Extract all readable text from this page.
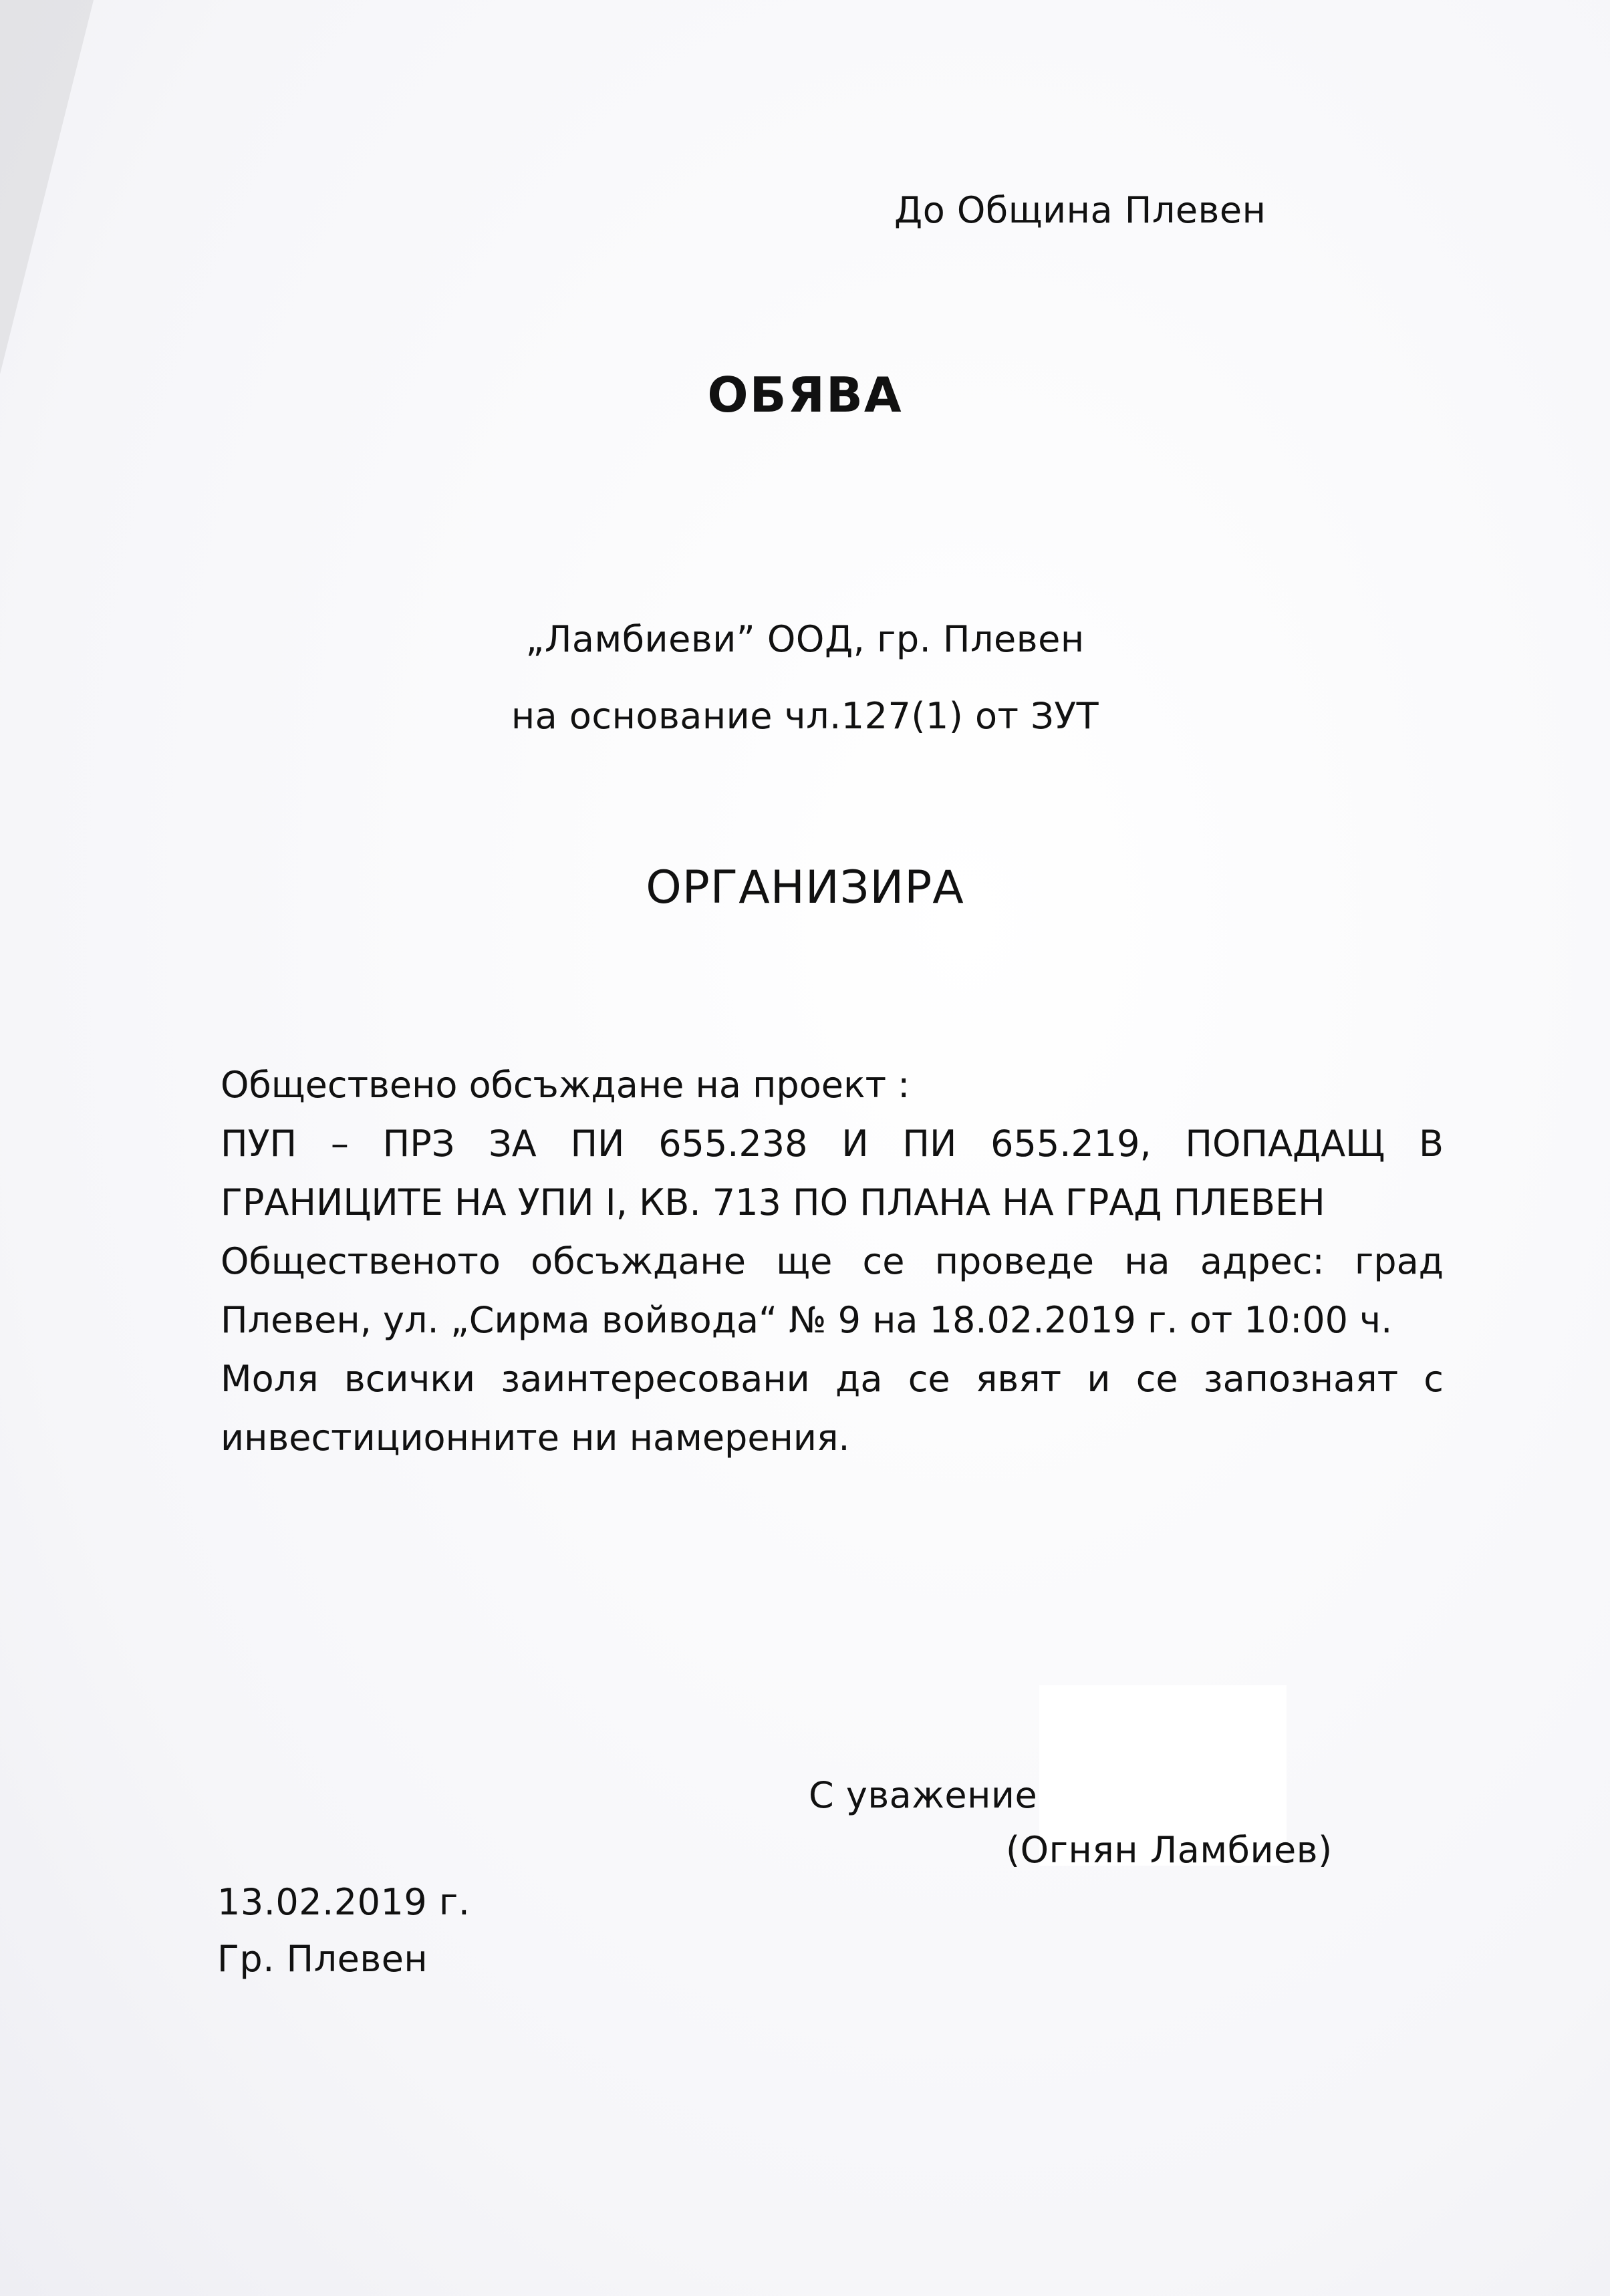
До Община Плевен
ОБЯВА
„Ламбиеви” ООД, гр. Плевен
на основание чл.127(1) от ЗУТ
ОРГАНИЗИРА
Обществено обсъждане на проект :
ПУП – ПРЗ ЗА ПИ 655.238 И ПИ 655.219, ПОПАДАЩ В
ГРАНИЦИТЕ НА УПИ I, КВ. 713 ПО ПЛАНА НА ГРАД ПЛЕВЕН
Общественото обсъждане ще се проведе на адрес: град
Плевен, ул. „Сирма войвода“ № 9 на 18.02.2019 г. от 10:00 ч.
Моля всички заинтересовани да се явят и се запознаят с
инвестиционните ни намерения.
С уважение
(Огнян Ламбиев)
13.02.2019 г.
Гр. Плевен
